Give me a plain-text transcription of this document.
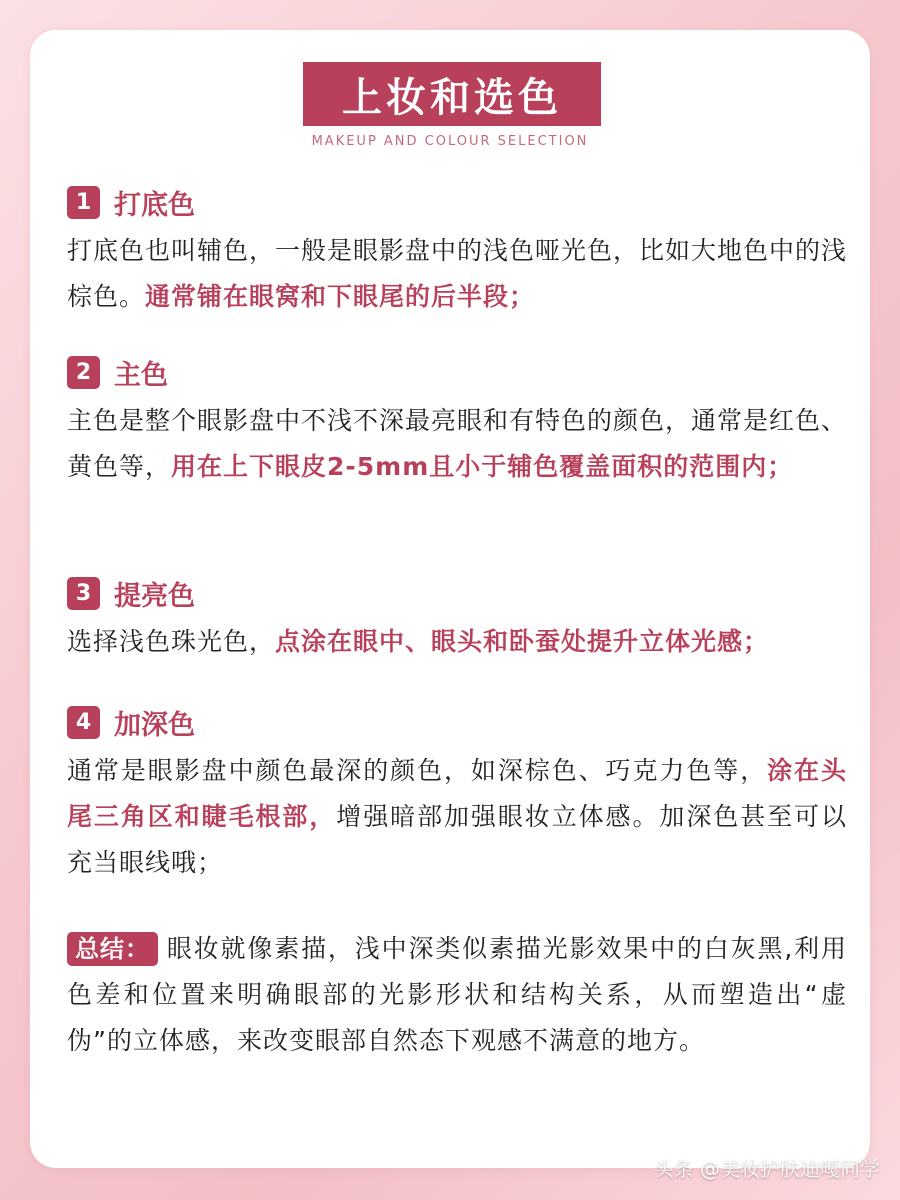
上妆和选色
MAKEUP AND COLOUR SELECTION
1 打底色
打底色也叫辅色，一般是眼影盘中的浅色哑光色，比如大地色中的浅棕色。通常铺在眼窝和下眼尾的后半段；
2 主色
主色是整个眼影盘中不浅不深最亮眼和有特色的颜色，通常是红色、黄色等，用在上下眼皮2-5mm且小于辅色覆盖面积的范围内；
3 提亮色
选择浅色珠光色，点涂在眼中、眼头和卧蚕处提升立体光感；
4 加深色
通常是眼影盘中颜色最深的颜色，如深棕色、巧克力色等，涂在头尾三角区和睫毛根部，增强暗部加强眼妆立体感。加深色甚至可以充当眼线哦；
总结： 眼妆就像素描，浅中深类似素描光影效果中的白灰黑,利用色差和位置来明确眼部的光影形状和结构关系，从而塑造出“虚伪”的立体感，来改变眼部自然态下观感不满意的地方。
头条 @美妆护肤迪嘎同学
